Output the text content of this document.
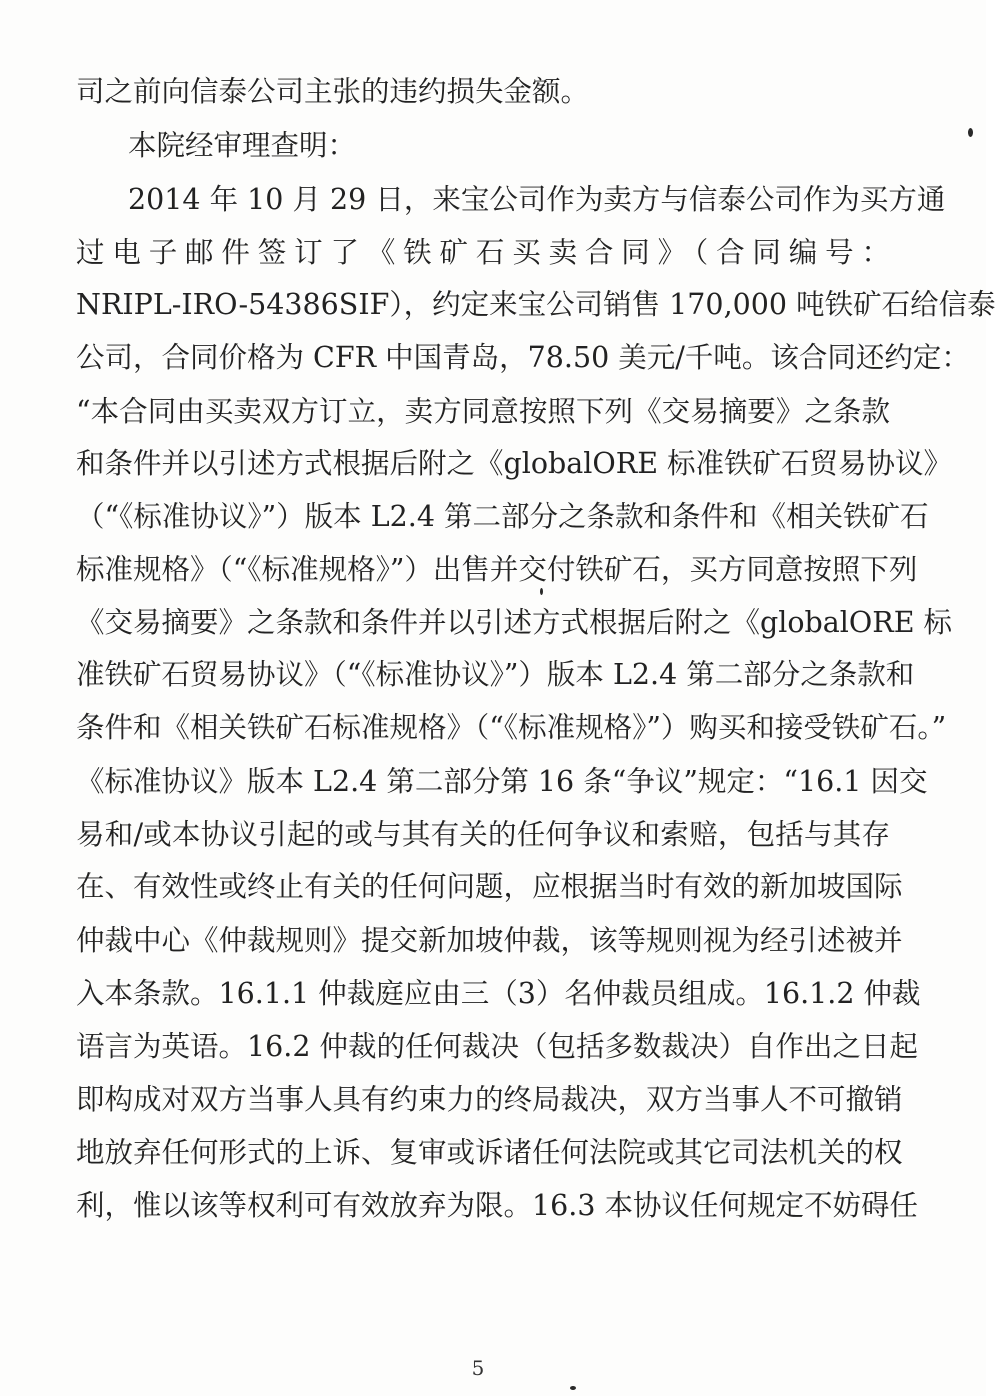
司之前向信泰公司主张的违约损失金额。
本院经审理查明：
2014 年 10 月 29 日，来宝公司作为卖方与信泰公司作为买方通
过电子邮件签订了《铁矿石买卖合同》（合同编号：
NRIPL-IRO-54386SIF），约定来宝公司销售 170,000 吨铁矿石给信泰
公司，合同价格为 CFR 中国青岛，78.50 美元/千吨。该合同还约定：
“本合同由买卖双方订立，卖方同意按照下列《交易摘要》之条款
和条件并以引述方式根据后附之《globalORE 标准铁矿石贸易协议》
（“《标准协议》”）版本 L2.4 第二部分之条款和条件和《相关铁矿石
标准规格》（“《标准规格》”）出售并交付铁矿石，买方同意按照下列
《交易摘要》之条款和条件并以引述方式根据后附之《globalORE 标
准铁矿石贸易协议》（“《标准协议》”）版本 L2.4 第二部分之条款和
条件和《相关铁矿石标准规格》（“《标准规格》”）购买和接受铁矿石。”
《标准协议》版本 L2.4 第二部分第 16 条“争议”规定：“16.1 因交
易和/或本协议引起的或与其有关的任何争议和索赔，包括与其存
在、有效性或终止有关的任何问题，应根据当时有效的新加坡国际
仲裁中心《仲裁规则》提交新加坡仲裁，该等规则视为经引述被并
入本条款。16.1.1 仲裁庭应由三（3）名仲裁员组成。16.1.2 仲裁
语言为英语。16.2 仲裁的任何裁决（包括多数裁决）自作出之日起
即构成对双方当事人具有约束力的终局裁决，双方当事人不可撤销
地放弃任何形式的上诉、复审或诉诸任何法院或其它司法机关的权
利，惟以该等权利可有效放弃为限。16.3 本协议任何规定不妨碍任
5
